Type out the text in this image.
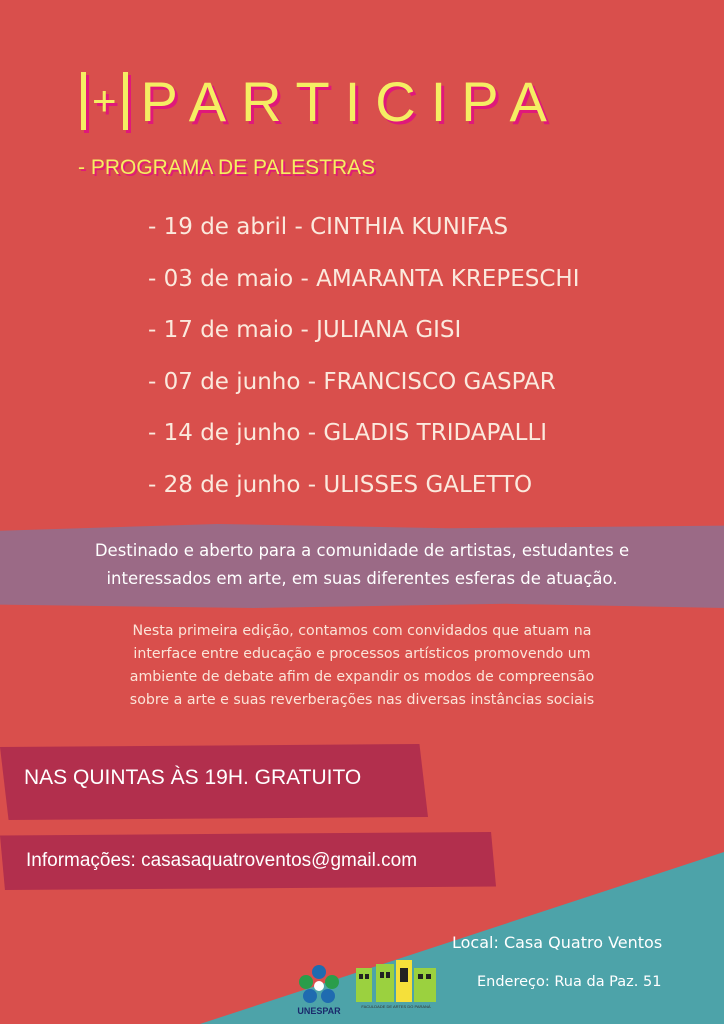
+ PARTICIPA
- PROGRAMA DE PALESTRAS
- 19 de abril - CINTHIA KUNIFAS
- 03 de maio - AMARANTA KREPESCHI
- 17 de maio - JULIANA GISI
- 07 de junho - FRANCISCO GASPAR
- 14 de junho - GLADIS TRIDAPALLI
- 28 de junho - ULISSES GALETTO
Destinado e aberto para a comunidade de artistas, estudantes e
interessados em arte, em suas diferentes esferas de atuação.
Nesta primeira edição, contamos com convidados que atuam na
interface entre educação e processos artísticos promovendo um
ambiente de debate afim de expandir os modos de compreensão
sobre a arte e suas reverberações nas diversas instâncias sociais
NAS QUINTAS ÀS 19H. GRATUITO
Informações: casasaquatroventos@gmail.com
Local: Casa Quatro Ventos
Endereço: Rua da Paz. 51
UNESPAR	FACULDADE DE ARTES DO PARANÁ
